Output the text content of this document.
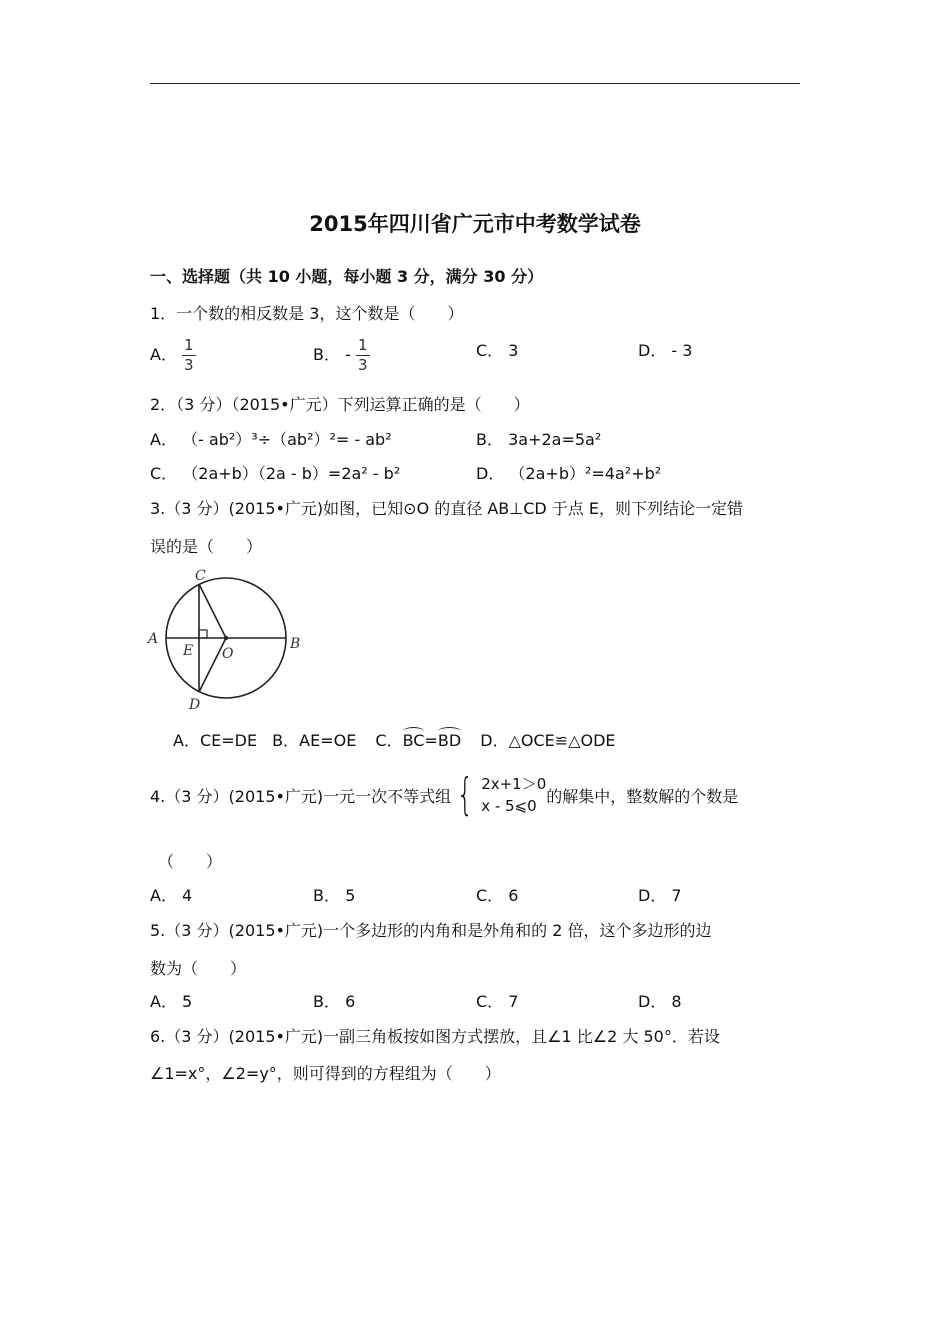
2015年四川省广元市中考数学试卷
一、选择题（共 10 小题，每小题 3 分，满分 30 分）
1．一个数的相反数是 3，这个数是（　　）
A． $\frac{1}{3}$	B． - $\frac{1}{3}$	C． 3	D． - 3
2．（3 分）（2015•广元）下列运算正确的是（　　）
A． （- ab²）³÷（ab²）²= - ab²	B． 3a+2a=5a²
C． （2a+b）（2a - b）=2a² - b²	D． （2a+b）²=4a²+b²
3.（3 分）(2015•广元)如图，已知⊙O 的直径 AB⊥CD 于点 E，则下列结论一定错
误的是（　　）
A	B
C
D
E O
A．CE=DE B．AE=OE C．BC=BD D．△OCE≌△ODE
4.（3 分）(2015•广元)一元一次不等式组 { 2x+1＞0
x - 5⩽0
的解集中，整数解的个数是
（　　）
A． 4	B． 5	C． 6	D． 7
5.（3 分）(2015•广元)一个多边形的内角和是外角和的 2 倍，这个多边形的边
数为（　　）
A． 5	B． 6	C． 7	D． 8
6.（3 分）(2015•广元)一副三角板按如图方式摆放，且∠1 比∠2 大 50°．若设
∠1=x°，∠2=y°，则可得到的方程组为（　　）
